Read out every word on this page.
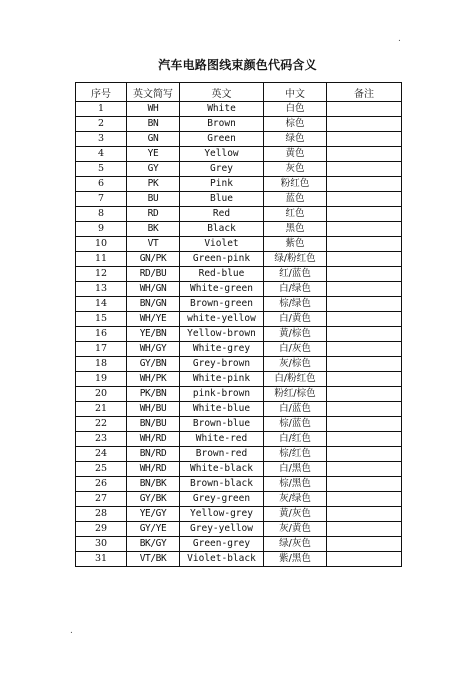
.
汽车电路图线束颜色代码含义
序号	英文简写	英文	中文	备注
1	WH	White	白色	
2	BN	Brown	棕色	
3	GN	Green	绿色	
4	YE	Yellow	黄色	
5	GY	Grey	灰色	
6	PK	Pink	粉红色	
7	BU	Blue	蓝色	
8	RD	Red	红色	
9	BK	Black	黑色	
10	VT	Violet	紫色	
11	GN/PK	Green-pink	绿/粉红色	
12	RD/BU	Red-blue	红/蓝色	
13	WH/GN	White-green	白/绿色	
14	BN/GN	Brown-green	棕/绿色	
15	WH/YE	white-yellow	白/黄色	
16	YE/BN	Yellow-brown	黄/棕色	
17	WH/GY	White-grey	白/灰色	
18	GY/BN	Grey-brown	灰/棕色	
19	WH/PK	White-pink	白/粉红色	
20	PK/BN	pink-brown	粉红/棕色	
21	WH/BU	White-blue	白/蓝色	
22	BN/BU	Brown-blue	棕/蓝色	
23	WH/RD	White-red	白/红色	
24	BN/RD	Brown-red	棕/红色	
25	WH/RD	White-black	白/黑色	
26	BN/BK	Brown-black	棕/黑色	
27	GY/BK	Grey-green	灰/绿色	
28	YE/GY	Yellow-grey	黄/灰色	
29	GY/YE	Grey-yellow	灰/黄色	
30	BK/GY	Green-grey	绿/灰色	
31	VT/BK	Violet-black	紫/黑色	
.
